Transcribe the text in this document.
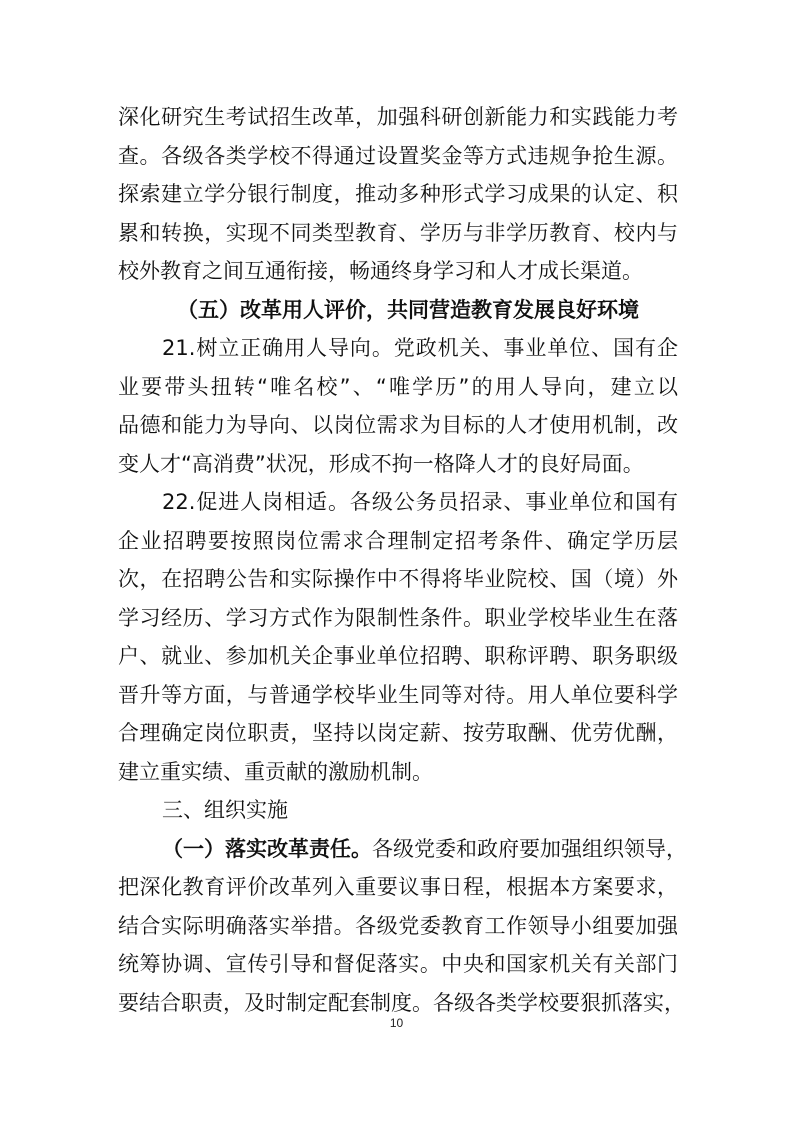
深化研究生考试招生改革，加强科研创新能力和实践能力考
查。各级各类学校不得通过设置奖金等方式违规争抢生源。
探索建立学分银行制度，推动多种形式学习成果的认定、积
累和转换，实现不同类型教育、学历与非学历教育、校内与
校外教育之间互通衔接，畅通终身学习和人才成长渠道。
（五）改革用人评价，共同营造教育发展良好环境
21.树立正确用人导向。党政机关、事业单位、国有企
业要带头扭转“唯名校”、“唯学历”的用人导向，建立以
品德和能力为导向、以岗位需求为目标的人才使用机制，改
变人才“高消费”状况，形成不拘一格降人才的良好局面。
22.促进人岗相适。各级公务员招录、事业单位和国有
企业招聘要按照岗位需求合理制定招考条件、确定学历层
次，在招聘公告和实际操作中不得将毕业院校、国（境）外
学习经历、学习方式作为限制性条件。职业学校毕业生在落
户、就业、参加机关企事业单位招聘、职称评聘、职务职级
晋升等方面，与普通学校毕业生同等对待。用人单位要科学
合理确定岗位职责，坚持以岗定薪、按劳取酬、优劳优酬，
建立重实绩、重贡献的激励机制。
三、组织实施
（一）落实改革责任。各级党委和政府要加强组织领导，
把深化教育评价改革列入重要议事日程，根据本方案要求，
结合实际明确落实举措。各级党委教育工作领导小组要加强
统筹协调、宣传引导和督促落实。中央和国家机关有关部门
要结合职责，及时制定配套制度。各级各类学校要狠抓落实，
10
